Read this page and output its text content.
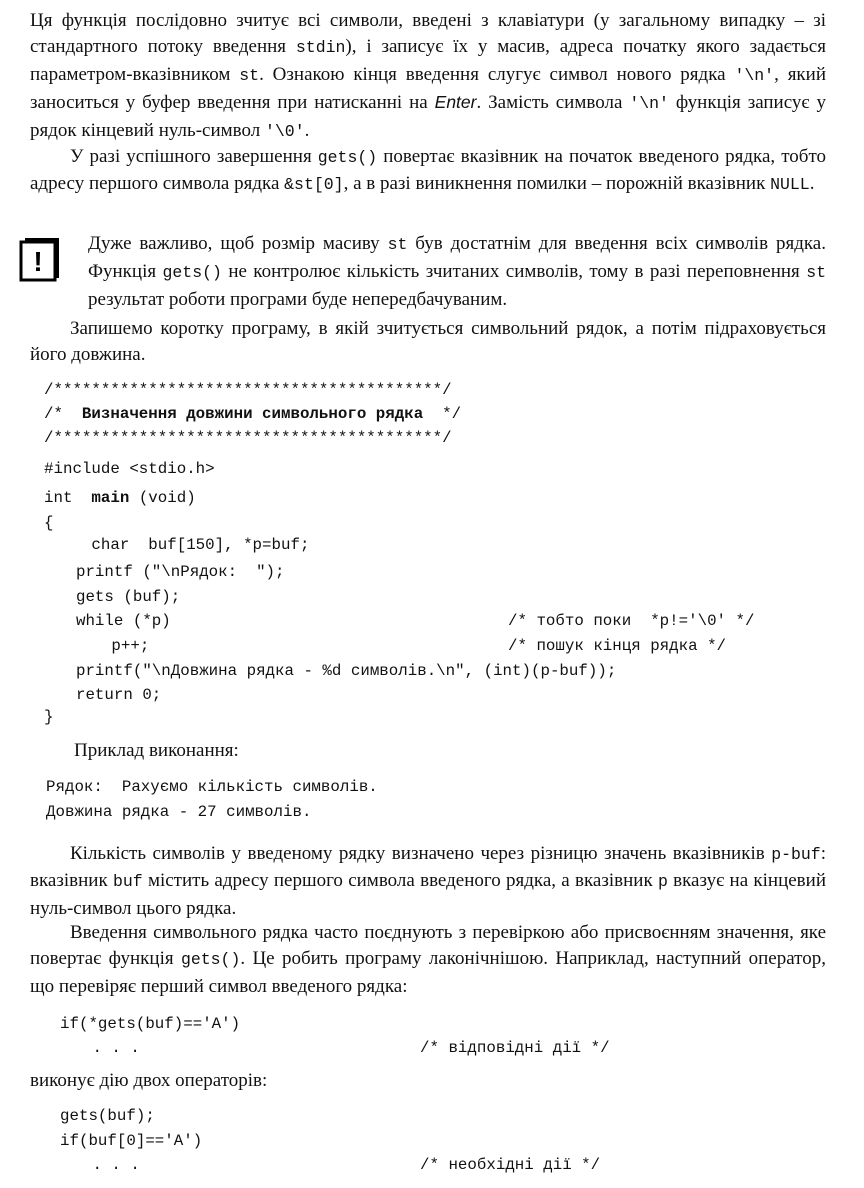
Ця функція послідовно зчитує всі символи, введені з клавіатури (у загальному випадку – зі стандартного потоку введення stdin), і записує їх у масив, адреса початку якого задається параметром-вказівником st. Ознакою кінця введення слугує символ нового рядка '\n', який заноситься у буфер введення при натисканні на Enter. Замість символа '\n' функція записує у рядок кінцевий нуль-символ '\0'.

У разі успішного завершення gets() повертає вказівник на початок введеного рядка, тобто адресу першого символа рядка &st[0], а в разі виникнення помилки – порожній вказівник NULL.

!

Дуже важливо, щоб розмір масиву st був достатнім для введення всіх символів рядка. Функція gets() не контролює кількість зчитаних символів, тому в разі переповнення st результат роботи програми буде непередбачуваним.

Запишемо коротку програму, в якій зчитується символьний рядок, а потім підраховується його довжина.

/*****************************************/
/*  Визначення довжини символьного рядка  */
/*****************************************/
#include <stdio.h>
int main (void)
{
char  buf[150], *p=buf;
printf ("\nРядок:  ");
gets (buf);
while (*p)	/* тобто поки  *p!='\0' */
p++;	/* пошук кінця рядка */
printf("\nДовжина рядка - %d символів.\n", (int)(p-buf));
return 0;
}

Приклад виконання:

Рядок:  Рахуємо кількість символів.
Довжина рядка - 27 символів.

Кількість символів у введеному рядку визначено через різницю значень вказівників p-buf: вказівник buf містить адресу першого символа введеного рядка, а вказівник p вказує на кінцевий нуль-символ цього рядка.

Введення символьного рядка часто поєднують з перевіркою або присвоєнням значення, яке повертає функція gets(). Це робить програму лаконічнішою. Наприклад, наступний оператор, що перевіряє перший символ введеного рядка:

if(*gets(buf)=='A')
. . .	/* відповідні дії */

виконує дію двох операторів:

gets(buf);
if(buf[0]=='A')
. . .	/* необхідні дії */
